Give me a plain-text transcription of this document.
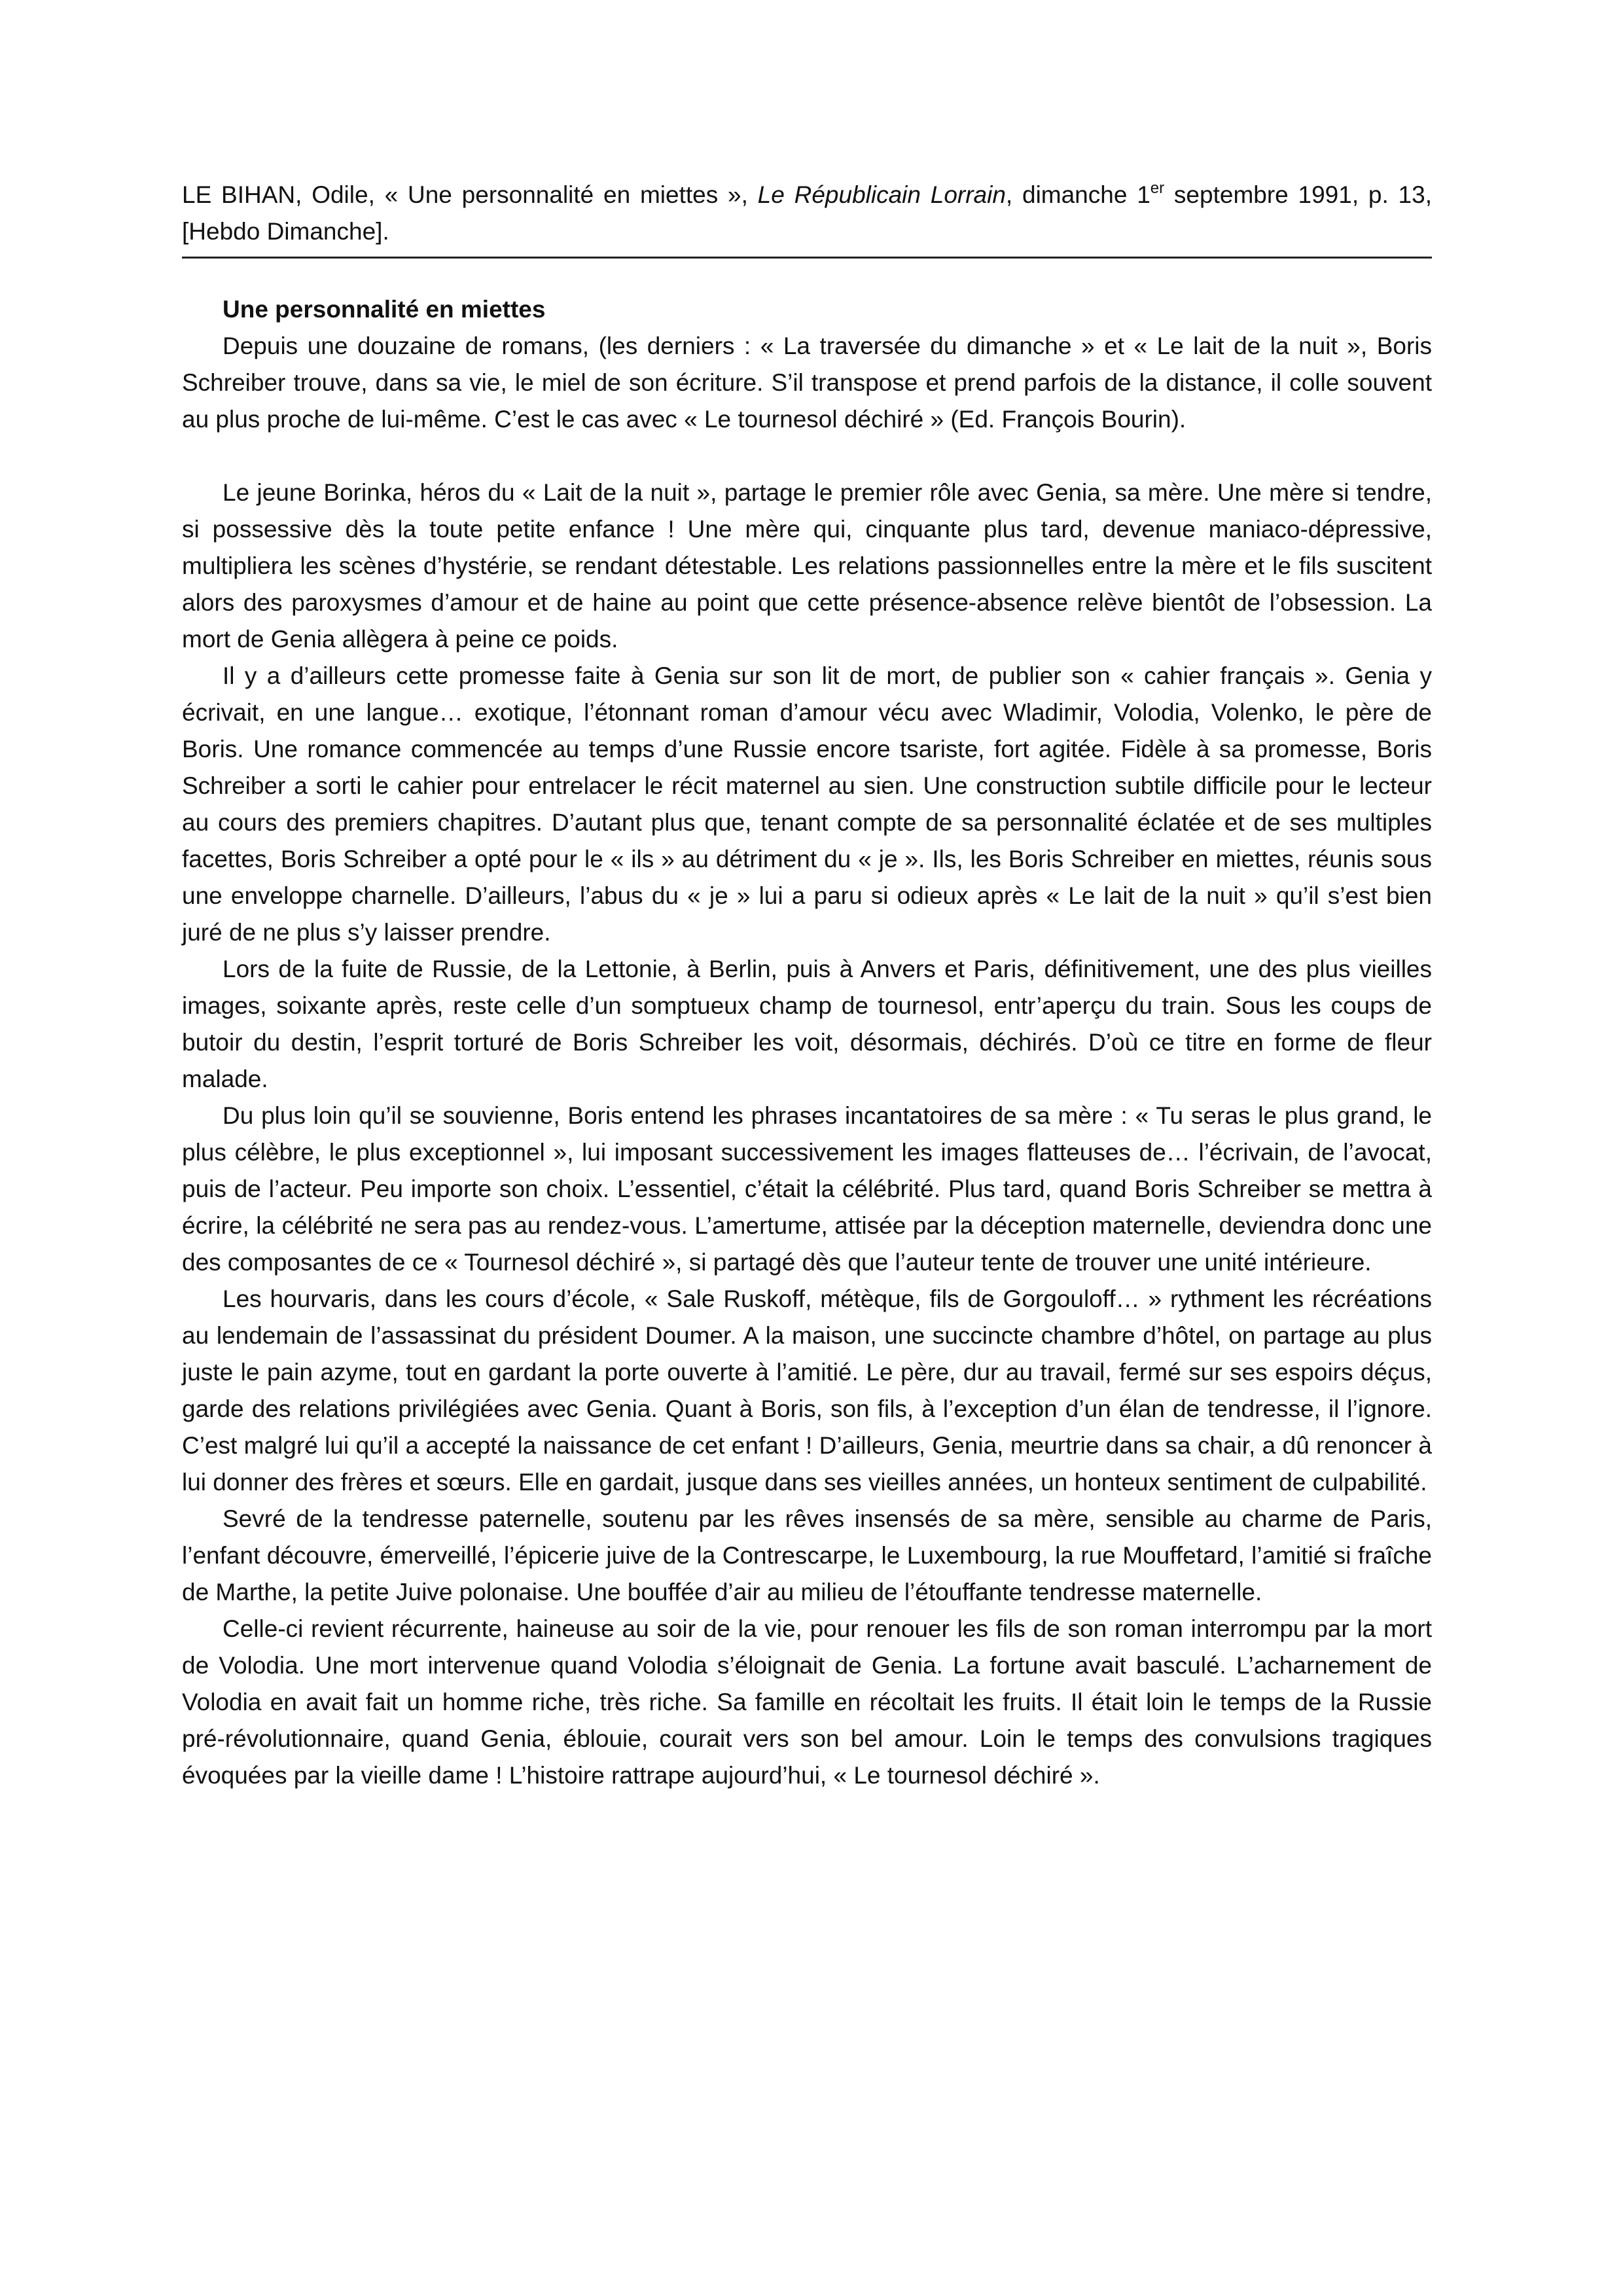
LE BIHAN, Odile, « Une personnalité en miettes », Le Républicain Lorrain, dimanche 1er septembre 1991, p. 13, [Hebdo Dimanche].

Une personnalité en miettes

Depuis une douzaine de romans, (les derniers : « La traversée du dimanche » et « Le lait de la nuit », Boris Schreiber trouve, dans sa vie, le miel de son écriture. S’il transpose et prend parfois de la distance, il colle souvent au plus proche de lui-même. C’est le cas avec « Le tournesol déchiré » (Ed. François Bourin).

Le jeune Borinka, héros du « Lait de la nuit », partage le premier rôle avec Genia, sa mère. Une mère si tendre, si possessive dès la toute petite enfance ! Une mère qui, cinquante plus tard, devenue maniaco-dépressive, multipliera les scènes d’hystérie, se rendant détestable. Les relations passionnelles entre la mère et le fils suscitent alors des paroxysmes d’amour et de haine au point que cette présence-absence relève bientôt de l’obsession. La mort de Genia allègera à peine ce poids.

Il y a d’ailleurs cette promesse faite à Genia sur son lit de mort, de publier son « cahier français ». Genia y écrivait, en une langue… exotique, l’étonnant roman d’amour vécu avec Wladimir, Volodia, Volenko, le père de Boris. Une romance commencée au temps d’une Russie encore tsariste, fort agitée. Fidèle à sa promesse, Boris Schreiber a sorti le cahier pour entrelacer le récit maternel au sien. Une construction subtile difficile pour le lecteur au cours des premiers chapitres. D’autant plus que, tenant compte de sa personnalité éclatée et de ses multiples facettes, Boris Schreiber a opté pour le « ils » au détriment du « je ». Ils, les Boris Schreiber en miettes, réunis sous une enveloppe charnelle. D’ailleurs, l’abus du « je » lui a paru si odieux après « Le lait de la nuit » qu’il s’est bien juré de ne plus s’y laisser prendre.

Lors de la fuite de Russie, de la Lettonie, à Berlin, puis à Anvers et Paris, définitivement, une des plus vieilles images, soixante après, reste celle d’un somptueux champ de tournesol, entr’aperçu du train. Sous les coups de butoir du destin, l’esprit torturé de Boris Schreiber les voit, désormais, déchirés. D’où ce titre en forme de fleur malade.

Du plus loin qu’il se souvienne, Boris entend les phrases incantatoires de sa mère : « Tu seras le plus grand, le plus célèbre, le plus exceptionnel », lui imposant successivement les images flatteuses de… l’écrivain, de l’avocat, puis de l’acteur. Peu importe son choix. L’essentiel, c’était la célébrité. Plus tard, quand Boris Schreiber se mettra à écrire, la célébrité ne sera pas au rendez-vous. L’amertume, attisée par la déception maternelle, deviendra donc une des composantes de ce « Tournesol déchiré », si partagé dès que l’auteur tente de trouver une unité intérieure.

Les hourvaris, dans les cours d’école, « Sale Ruskoff, métèque, fils de Gorgouloff… » rythment les récréations au lendemain de l’assassinat du président Doumer. A la maison, une succincte chambre d’hôtel, on partage au plus juste le pain azyme, tout en gardant la porte ouverte à l’amitié. Le père, dur au travail, fermé sur ses espoirs déçus, garde des relations privilégiées avec Genia. Quant à Boris, son fils, à l’exception d’un élan de tendresse, il l’ignore. C’est malgré lui qu’il a accepté la naissance de cet enfant ! D’ailleurs, Genia, meurtrie dans sa chair, a dû renoncer à lui donner des frères et sœurs. Elle en gardait, jusque dans ses vieilles années, un honteux sentiment de culpabilité.

Sevré de la tendresse paternelle, soutenu par les rêves insensés de sa mère, sensible au charme de Paris, l’enfant découvre, émerveillé, l’épicerie juive de la Contrescarpe, le Luxembourg, la rue Mouffetard, l’amitié si fraîche de Marthe, la petite Juive polonaise. Une bouffée d’air au milieu de l’étouffante tendresse maternelle.

Celle-ci revient récurrente, haineuse au soir de la vie, pour renouer les fils de son roman interrompu par la mort de Volodia. Une mort intervenue quand Volodia s’éloignait de Genia. La fortune avait basculé. L’acharnement de Volodia en avait fait un homme riche, très riche. Sa famille en récoltait les fruits. Il était loin le temps de la Russie pré-révolutionnaire, quand Genia, éblouie, courait vers son bel amour. Loin le temps des convulsions tragiques évoquées par la vieille dame ! L’histoire rattrape aujourd’hui, « Le tournesol déchiré ».
